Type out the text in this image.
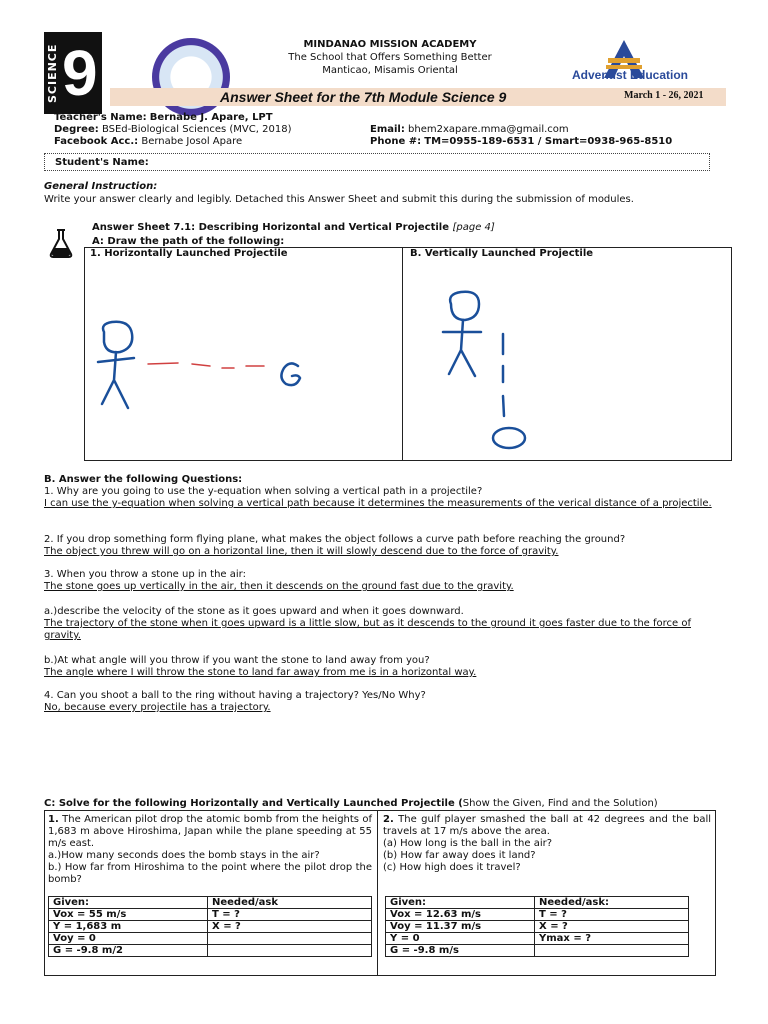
SCIENCE 9	MINDANAO MISSION ACADEMY
The School that Offers Something Better
Manticao, Misamis Oriental	Adventist Education
Answer Sheet for the 7th Module Science 9	March 1 - 26, 2021
Teacher's Name: Bernabe J. Apare, LPT
Degree: BSEd-Biological Sciences (MVC, 2018)
Facebook Acc.: Bernabe Josol Apare
Email: bhem2xapare.mma@gmail.com
Phone #: TM=0955-189-6531 / Smart=0938-965-8510
Student's Name:
General Instruction:
Write your answer clearly and legibly. Detached this Answer Sheet and submit this during the submission of modules.
Answer Sheet 7.1: Describing Horizontal and Vertical Projectile [page 4]
A: Draw the path of the following:
1. Horizontally Launched Projectile	B. Vertically Launched Projectile
B. Answer the following Questions:
1. Why are you going to use the y-equation when solving a vertical path in a projectile?
I can use the y-equation when solving a vertical path because it determines the measurements of the verical distance of a projectile.
2. If you drop something form flying plane, what makes the object follows a curve path before reaching the ground?
The object you threw will go on a horizontal line, then it will slowly descend due to the force of gravity.
3. When you throw a stone up in the air:
The stone goes up vertically in the air, then it descends on the ground fast due to the gravity.
a.)describe the velocity of the stone as it goes upward and when it goes downward.
The trajectory of the stone when it goes upward is a little slow, but as it descends to the ground it goes faster due to the force of gravity.
b.)At what angle will you throw if you want the stone to land away from you?
The angle where I will throw the stone to land far away from me is in a horizontal way.
4. Can you shoot a ball to the ring without having a trajectory? Yes/No Why?
No, because every projectile has a trajectory.
C: Solve for the following Horizontally and Vertically Launched Projectile (Show the Given, Find and the Solution)
1. The American pilot drop the atomic bomb from the heights of 1,683 m above Hiroshima, Japan while the plane speeding at 55 m/s east.
a.)How many seconds does the bomb stays in the air?
b.) How far from Hiroshima to the point where the pilot drop the bomb?
Given:	Needed/ask
Vox = 55 m/s	T = ?
Y = 1,683 m	X = ?
Voy = 0	
G = -9.8 m/2	
2. The gulf player smashed the ball at 42 degrees and the ball travels at 17 m/s above the area.
(a) How long is the ball in the air?
(b) How far away does it land?
(c) How high does it travel?
Given:	Needed/ask:
Vox = 12.63 m/s	T = ?
Voy = 11.37 m/s	X = ?
Y = 0	Ymax = ?
G = -9.8 m/s	
